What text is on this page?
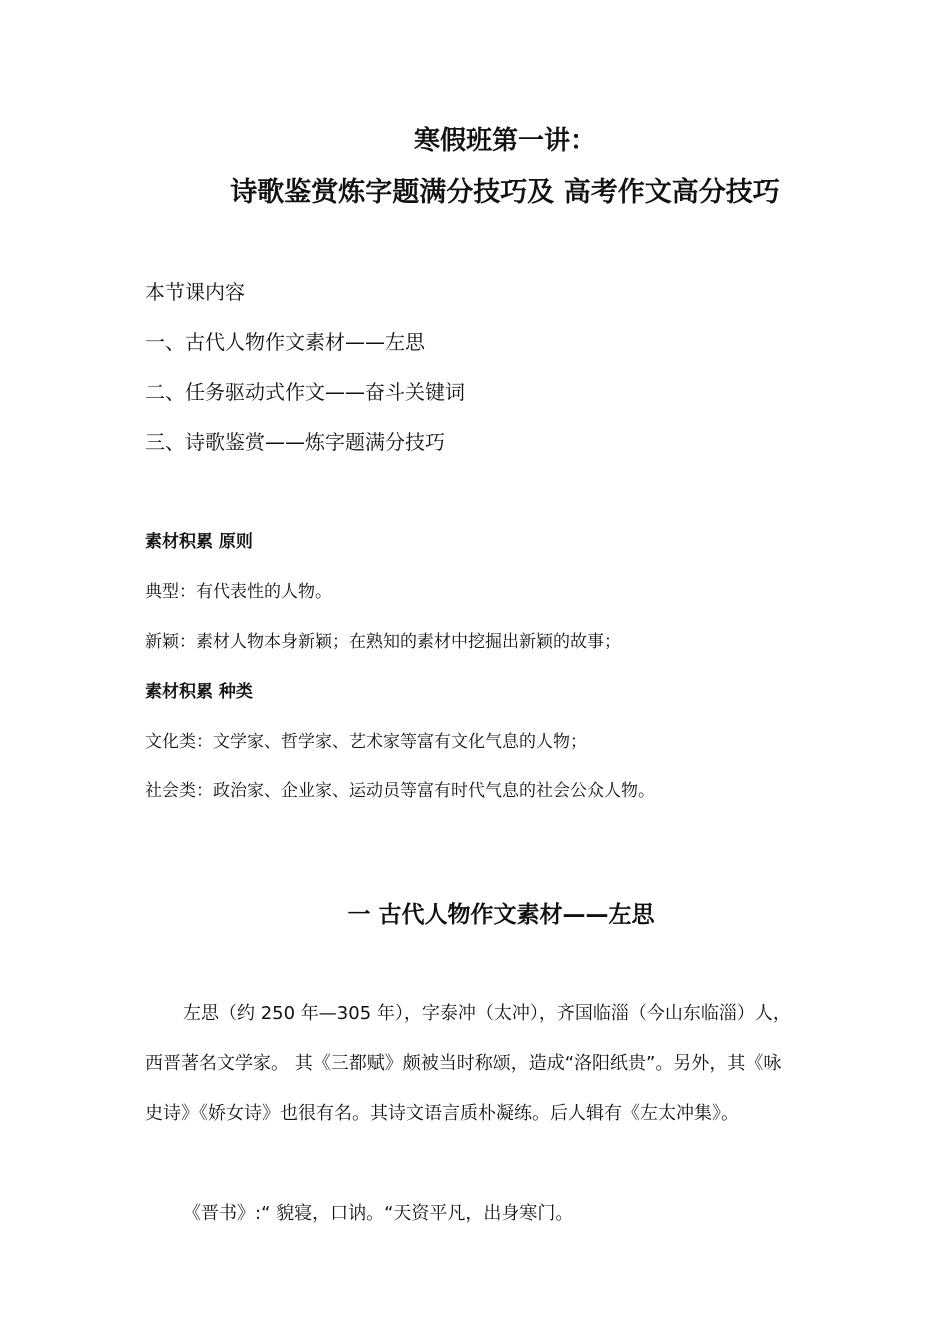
寒假班第一讲：
诗歌鉴赏炼字题满分技巧及 高考作文高分技巧
本节课内容
一、古代人物作文素材——左思
二、任务驱动式作文——奋斗关键词
三、诗歌鉴赏——炼字题满分技巧
素材积累 原则
典型：有代表性的人物。
新颖：素材人物本身新颖；在熟知的素材中挖掘出新颖的故事；
素材积累 种类
文化类：文学家、哲学家、艺术家等富有文化气息的人物；
社会类：政治家、企业家、运动员等富有时代气息的社会公众人物。
一 古代人物作文素材——左思
左思（约 250 年—305 年），字泰冲（太冲），齐国临淄（今山东临淄）人，
西晋著名文学家。 其《三都赋》颇被当时称颂，造成“洛阳纸贵”。另外，其《咏
史诗》《娇女诗》也很有名。其诗文语言质朴凝练。后人辑有《左太冲集》。
《晋书》:“ 貌寝，口讷。“天资平凡，出身寒门。
